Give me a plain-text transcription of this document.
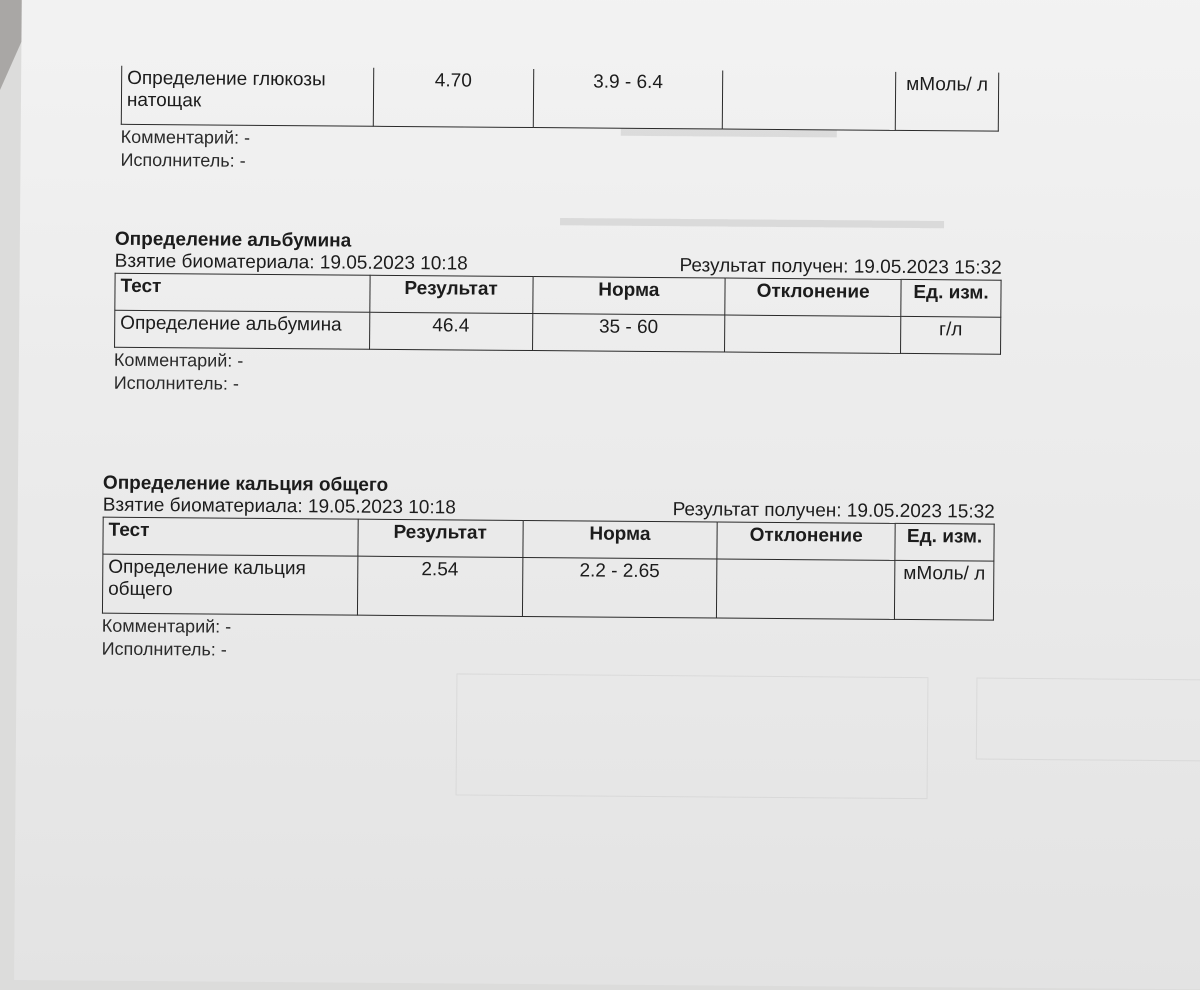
▬▬▬▬▬▬▬▬▬▬▬▬▬▬▬▬
▬▬▬▬▬▬▬▬▬
Определение глюкозы натощак	4.70	3.9 - 6.4		мМоль/ л
Комментарий: -
Исполнитель: -
Определение альбумина
Взятие биоматериала: 19.05.2023 10:18	Результат получен: 19.05.2023 15:32
Тест	Результат	Норма	Отклонение	Ед. изм.
Определение альбумина	46.4	35 - 60		г/л
Комментарий: -
Исполнитель: -
Определение кальция общего
Взятие биоматериала: 19.05.2023 10:18	Результат получен: 19.05.2023 15:32
Тест	Результат	Норма	Отклонение	Ед. изм.
Определение кальция общего	2.54	2.2 - 2.65		мМоль/ л
Комментарий: -
Исполнитель: -
